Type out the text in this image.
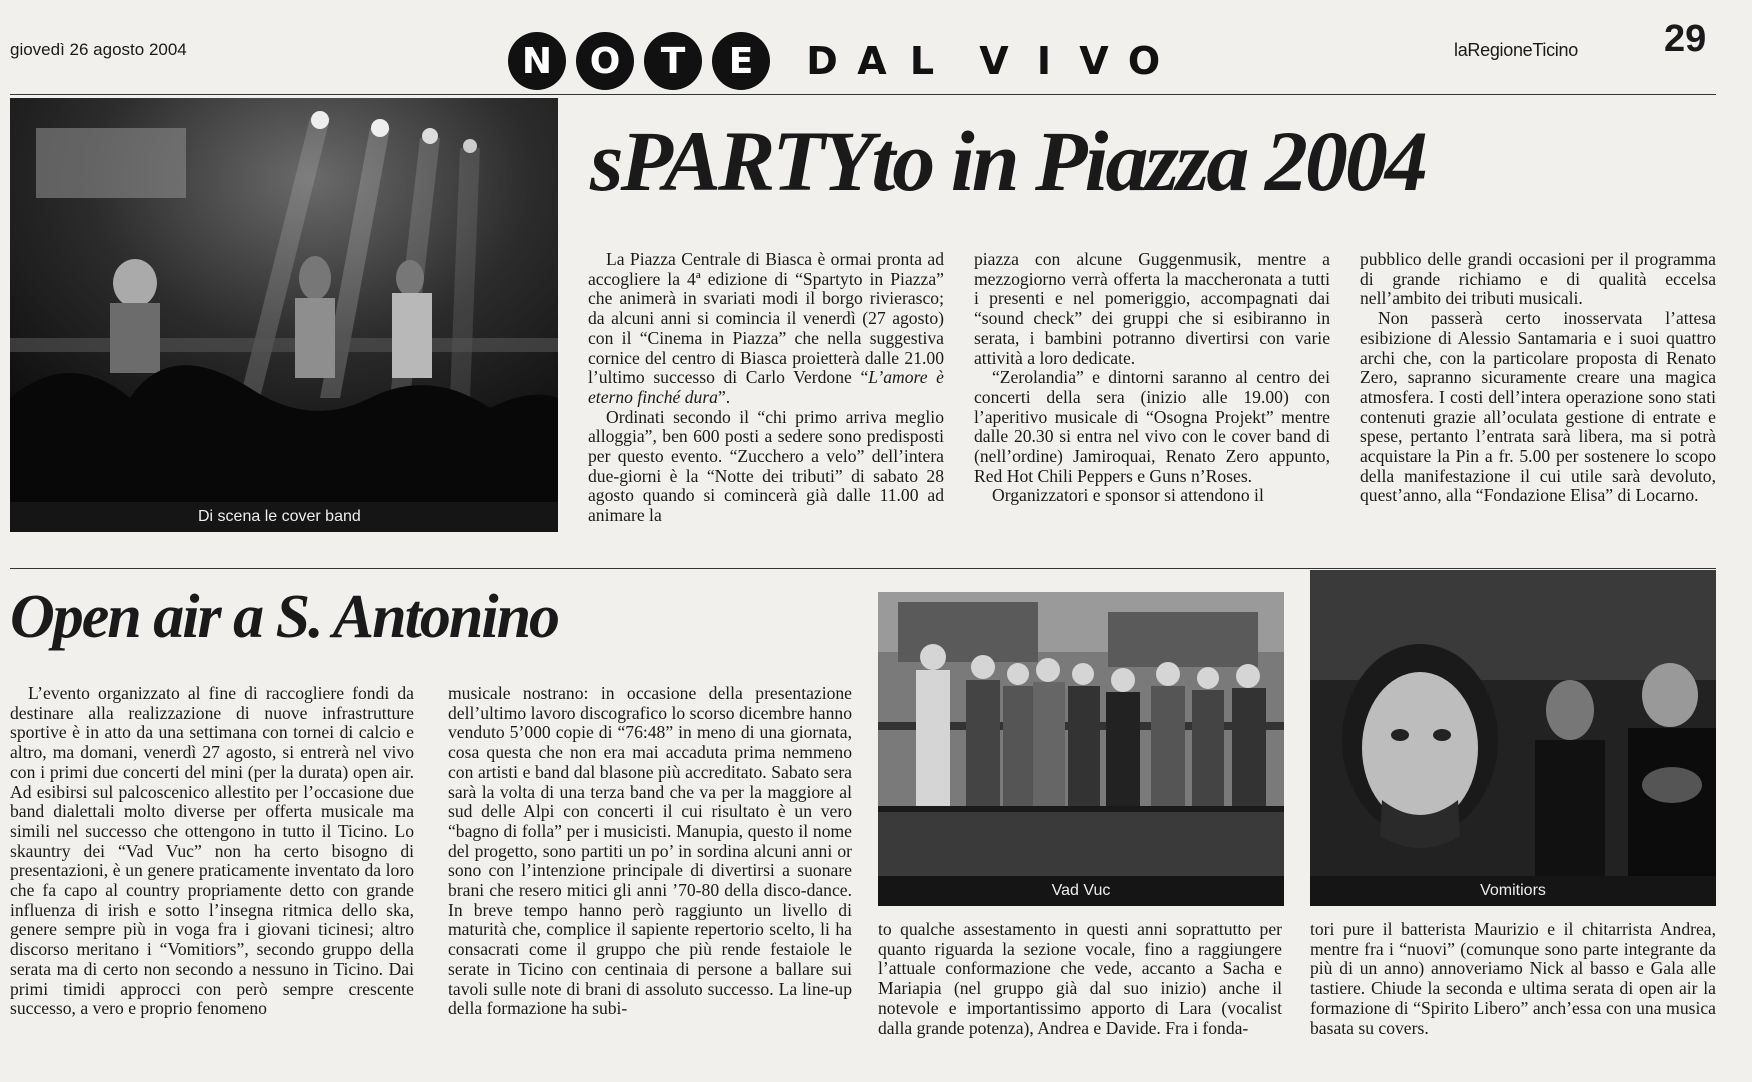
giovedì 26 agosto 2004	N	O	T	E	D A L V I V O	laRegioneTicino 29
Di scena le cover band
sPARTYto in Piazza 2004

La Piazza Centrale di Biasca è ormai pronta ad accogliere la 4ª edizione di “Spartyto in Piazza” che animerà in svariati modi il borgo rivierasco; da alcuni anni si comincia il venerdì (27 agosto) con il “Cinema in Piazza” che nella suggestiva cornice del centro di Biasca proietterà dalle 21.00 l’ultimo successo di Carlo Verdone “L’amore è eterno finché dura”.

Ordinati secondo il “chi primo arriva meglio alloggia”, ben 600 posti a sedere sono predisposti per questo evento. “Zucchero a velo” dell’intera due-giorni è la “Notte dei tributi” di sabato 28 agosto quando si comincerà già dalle 11.00 ad animare la

piazza con alcune Guggenmusik, mentre a mezzogiorno verrà offerta la maccheronata a tutti i presenti e nel pomeriggio, accompagnati dai “sound check” dei gruppi che si esibiranno in serata, i bambini potranno divertirsi con varie attività a loro dedicate.

“Zerolandia” e dintorni saranno al centro dei concerti della sera (inizio alle 19.00) con l’aperitivo musicale di “Osogna Projekt” mentre dalle 20.30 si entra nel vivo con le cover band di (nell’ordine) Jamiroquai, Renato Zero appunto, Red Hot Chili Peppers e Guns n’Roses.

Organizzatori e sponsor si attendono il

pubblico delle grandi occasioni per il programma di grande richiamo e di qualità eccelsa nell’ambito dei tributi musicali.

Non passerà certo inosservata l’attesa esibizione di Alessio Santamaria e i suoi quattro archi che, con la particolare proposta di Renato Zero, sapranno sicuramente creare una magica atmosfera. I costi dell’intera operazione sono stati contenuti grazie all’oculata gestione di entrate e spese, pertanto l’entrata sarà libera, ma si potrà acquistare la Pin a fr. 5.00 per sostenere lo scopo della manifestazione il cui utile sarà devoluto, quest’anno, alla “Fondazione Elisa” di Locarno.

Open air a S. Antonino

L’evento organizzato al fine di raccogliere fondi da destinare alla realizzazione di nuove infrastrutture sportive è in atto da una settimana con tornei di calcio e altro, ma domani, venerdì 27 agosto, si entrerà nel vivo con i primi due concerti del mini (per la durata) open air. Ad esibirsi sul palcoscenico allestito per l’occasione due band dialettali molto diverse per offerta musicale ma simili nel successo che ottengono in tutto il Ticino. Lo skauntry dei “Vad Vuc” non ha certo bisogno di presentazioni, è un genere praticamente inventato da loro che fa capo al country propriamente detto con grande influenza di irish e sotto l’insegna ritmica dello ska, genere sempre più in voga fra i giovani ticinesi; altro discorso meritano i “Vomitiors”, secondo gruppo della serata ma di certo non secondo a nessuno in Ticino. Dai primi timidi approcci con però sempre crescente successo, a vero e proprio fenomeno

musicale nostrano: in occasione della presentazione dell’ultimo lavoro discografico lo scorso dicembre hanno venduto 5’000 copie di “76:48” in meno di una giornata, cosa questa che non era mai accaduta prima nemmeno con artisti e band dal blasone più accreditato. Sabato sera sarà la volta di una terza band che va per la maggiore al sud delle Alpi con concerti il cui risultato è un vero “bagno di folla” per i musicisti. Manupia, questo il nome del progetto, sono partiti un po’ in sordina alcuni anni or sono con l’intenzione principale di divertirsi a suonare brani che resero mitici gli anni ’70-80 della disco-dance. In breve tempo hanno però raggiunto un livello di maturità che, complice il sapiente repertorio scelto, li ha consacrati come il gruppo che più rende festaiole le serate in Ticino con centinaia di persone a ballare sui tavoli sulle note di brani di assoluto successo. La line-up della formazione ha subi-

Vad Vuc	Vomitiors

to qualche assestamento in questi anni soprattutto per quanto riguarda la sezione vocale, fino a raggiungere l’attuale conformazione che vede, accanto a Sacha e Mariapia (nel gruppo già dal suo inizio) anche il notevole e importantissimo apporto di Lara (vocalist dalla grande potenza), Andrea e Davide. Fra i fonda-

tori pure il batterista Maurizio e il chitarrista Andrea, mentre fra i “nuovi” (comunque sono parte integrante da più di un anno) annoveriamo Nick al basso e Gala alle tastiere. Chiude la seconda e ultima serata di open air la formazione di “Spirito Libero” anch’essa con una musica basata su covers.
